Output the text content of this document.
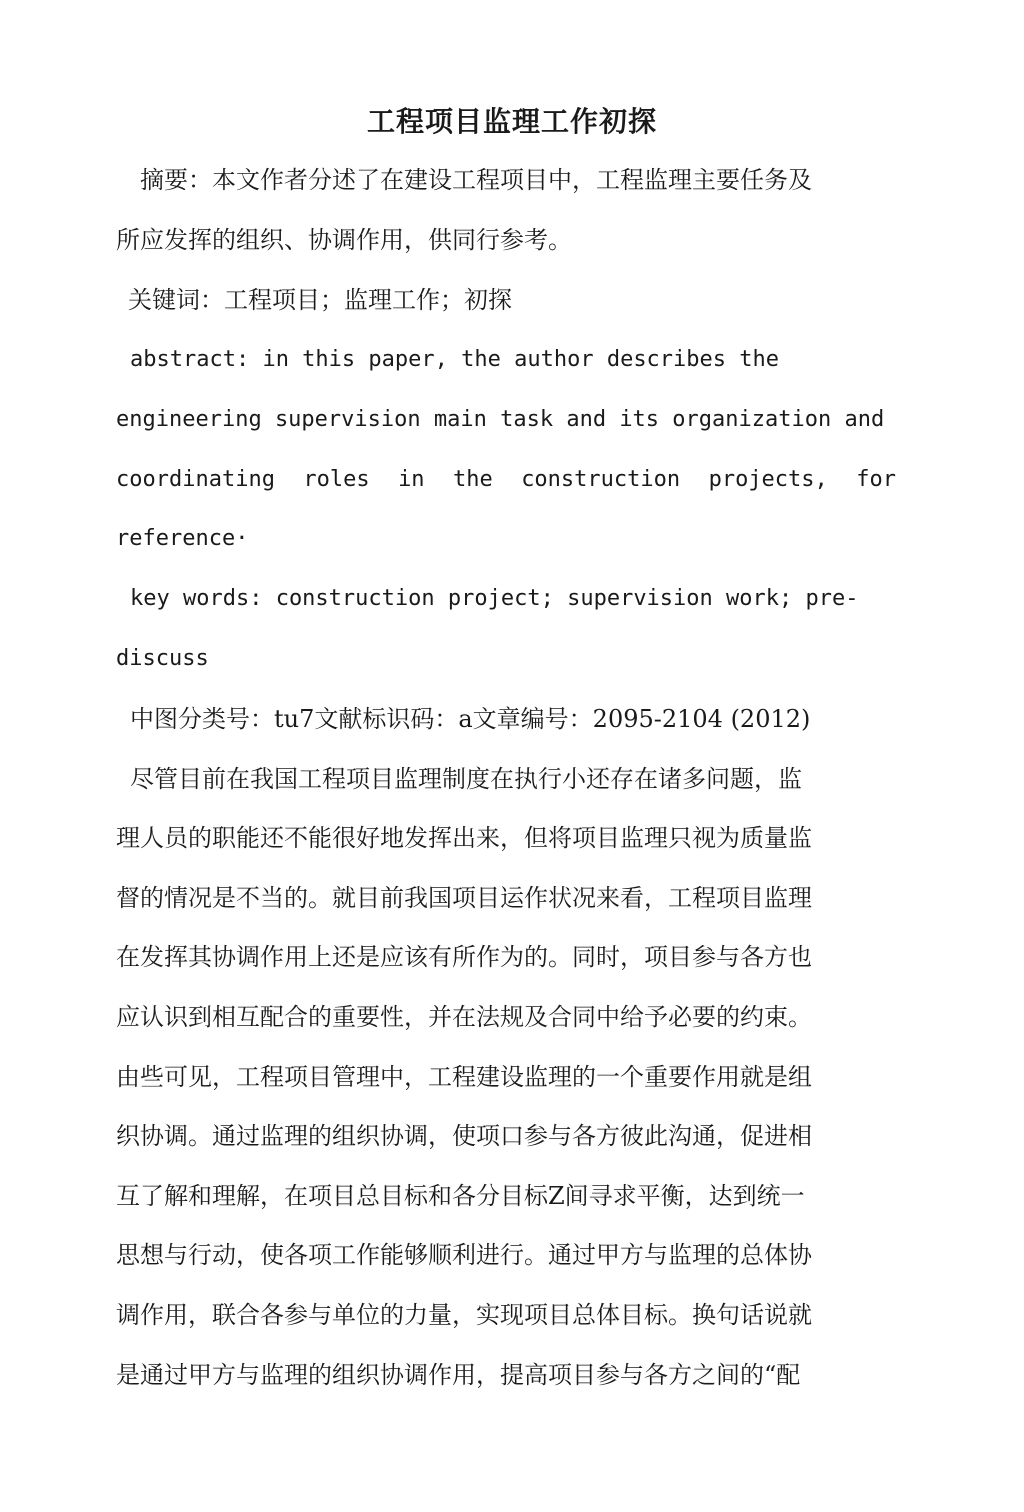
工程项目监理工作初探
摘要：本文作者分述了在建设工程项目中，工程监理主要任务及
所应发挥的组织、协调作用，供同行参考。
关键词：工程项目；监理工作；初探
abstract: in this paper, the author describes the
engineering supervision main task and its organization and
coordinating roles in the construction projects, for
reference·
key words: construction project; supervision work; pre-
discuss
中图分类号：tu7文献标识码：a文章编号：2095-2104 (2012)
尽管目前在我国工程项目监理制度在执行小还存在诸多问题，监
理人员的职能还不能很好地发挥出来，但将项目监理只视为质量监
督的情况是不当的。就目前我国项目运作状况来看，工程项目监理
在发挥其协调作用上还是应该有所作为的。同时，项目参与各方也
应认识到相互配合的重要性，并在法规及合同中给予必要的约束。
由些可见，工程项目管理中，工程建设监理的一个重要作用就是组
织协调。通过监理的组织协调，使项口参与各方彼此沟通，促进相
互了解和理解，在项目总目标和各分目标Z间寻求平衡，达到统一
思想与行动，使各项工作能够顺利进行。通过甲方与监理的总体协
调作用，联合各参与单位的力量，实现项目总体目标。换句话说就
是通过甲方与监理的组织协调作用，提高项目参与各方之间的“配
